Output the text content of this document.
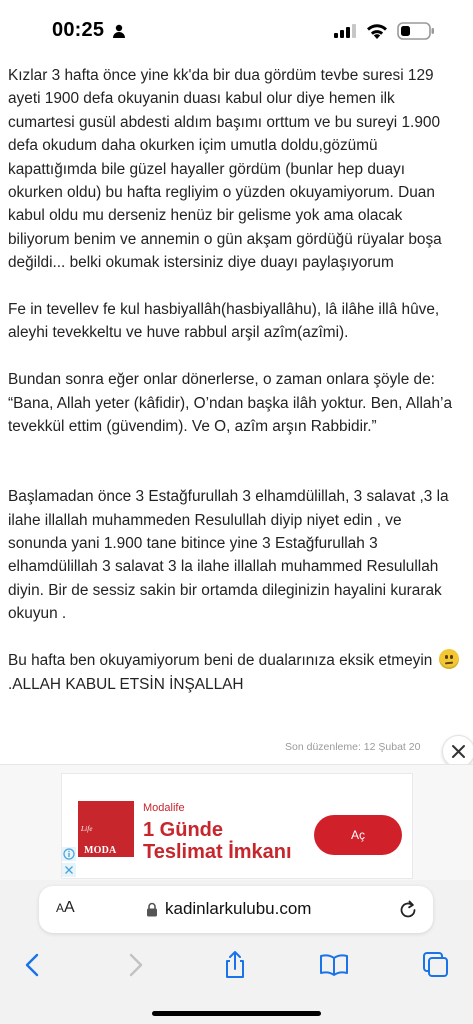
00:25

Kızlar 3 hafta önce yine kk'da bir dua gördüm tevbe suresi 129 ayeti 1900 defa okuyanin duası kabul olur diye hemen ilk cumartesi gusül abdesti aldım başımı orttum ve bu sureyi 1.900 defa okudum daha okurken içim umutla doldu,gözümü kapattığımda bile güzel hayaller gördüm (bunlar hep duayı okurken oldu) bu hafta regliyim o yüzden okuyamiyorum. Duan kabul oldu mu derseniz henüz bir gelisme yok ama olacak biliyorum benim ve annemin o gün akşam gördüğü rüyalar boşa değildi... belki okumak istersiniz diye duayı paylaşıyorum

Fe in tevellev fe kul hasbiyallâh(hasbiyallâhu), lâ ilâhe illâ hûve, aleyhi tevekkeltu ve huve rabbul arşil azîm(azîmi).

Bundan sonra eğer onlar dönerlerse, o zaman onlara şöyle de: “Bana, Allah yeter (kâfidir), O’ndan başka ilâh yoktur. Ben, Allah’a tevekkül ettim (güvendim). Ve O, azîm arşın Rabbidir.”

Başlamadan önce 3 Estağfurullah 3 elhamdülillah, 3 salavat ,3 la ilahe illallah muhammeden Resulullah diyip niyet edin , ve sonunda yani 1.900 tane bitince yine 3 Estağfurullah 3 elhamdülillah 3 salavat 3 la ilahe illallah muhammed Resulullah diyin. Bir de sessiz sakin bir ortamda dileginizin hayalini kurarak okuyun .

Bu hafta ben okuyamiyorum beni de dualarınıza eksik etmeyin
.ALLAH KABUL ETSİN İNŞALLAH

Son düzenleme: 12 Şubat 20
MODA
Life
Modalife
1 Günde Teslimat İmkanı
Aç
AA	kadinlarkulubu.com
